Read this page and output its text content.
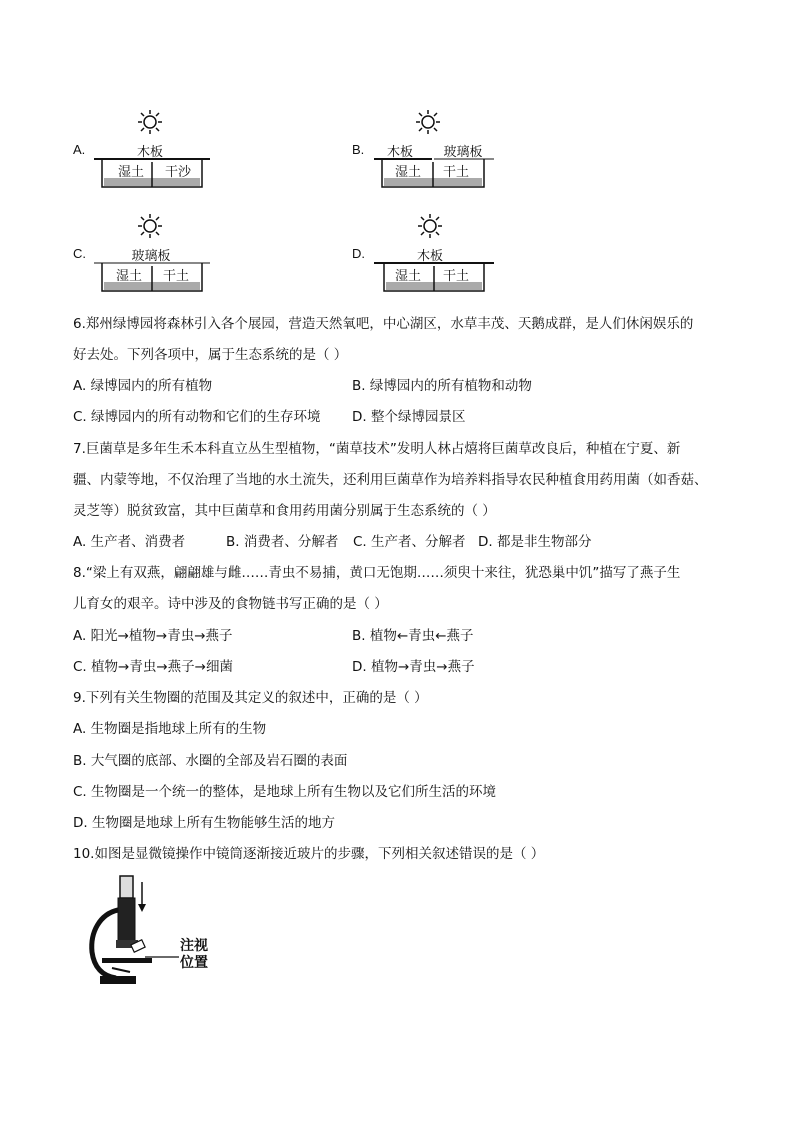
A.	木板
湿土 干沙
B.	木板	玻璃板
湿土 干土
C.	玻璃板
湿土 干土
D.	木板
湿土 干土
6.郑州绿博园将森林引入各个展园，营造天然氧吧，中心湖区，水草丰茂、天鹅成群，是人们休闲娱乐的
好去处。下列各项中，属于生态系统的是（ ）
A. 绿博园内的所有植物	B. 绿博园内的所有植物和动物
C. 绿博园内的所有动物和它们的生存环境 D. 整个绿博园景区
7.巨菌草是多年生禾本科直立丛生型植物，“菌草技术”发明人林占熺将巨菌草改良后，种植在宁夏、新
疆、内蒙等地，不仅治理了当地的水土流失，还利用巨菌草作为培养料指导农民种植食用药用菌（如香菇、
灵芝等）脱贫致富，其中巨菌草和食用药用菌分别属于生态系统的（ ）
A. 生产者、消费者	B. 消费者、分解者 C. 生产者、分解者 D. 都是非生物部分
8.“梁上有双燕，翩翩雄与雌……青虫不易捕，黄口无饱期……须臾十来往，犹恐巢中饥”描写了燕子生
儿育女的艰辛。诗中涉及的食物链书写正确的是（ ）
A. 阳光→植物→青虫→燕子	B. 植物←青虫←燕子
C. 植物→青虫→燕子→细菌	D. 植物→青虫→燕子
9.下列有关生物圈的范围及其定义的叙述中，正确的是（ ）
A. 生物圈是指地球上所有的生物
B. 大气圈的底部、水圈的全部及岩石圈的表面
C. 生物圈是一个统一的整体，是地球上所有生物以及它们所生活的环境
D. 生物圈是地球上所有生物能够生活的地方
10.如图是显微镜操作中镜筒逐渐接近玻片的步骤，下列相关叙述错误的是（ ）
注视
位置
